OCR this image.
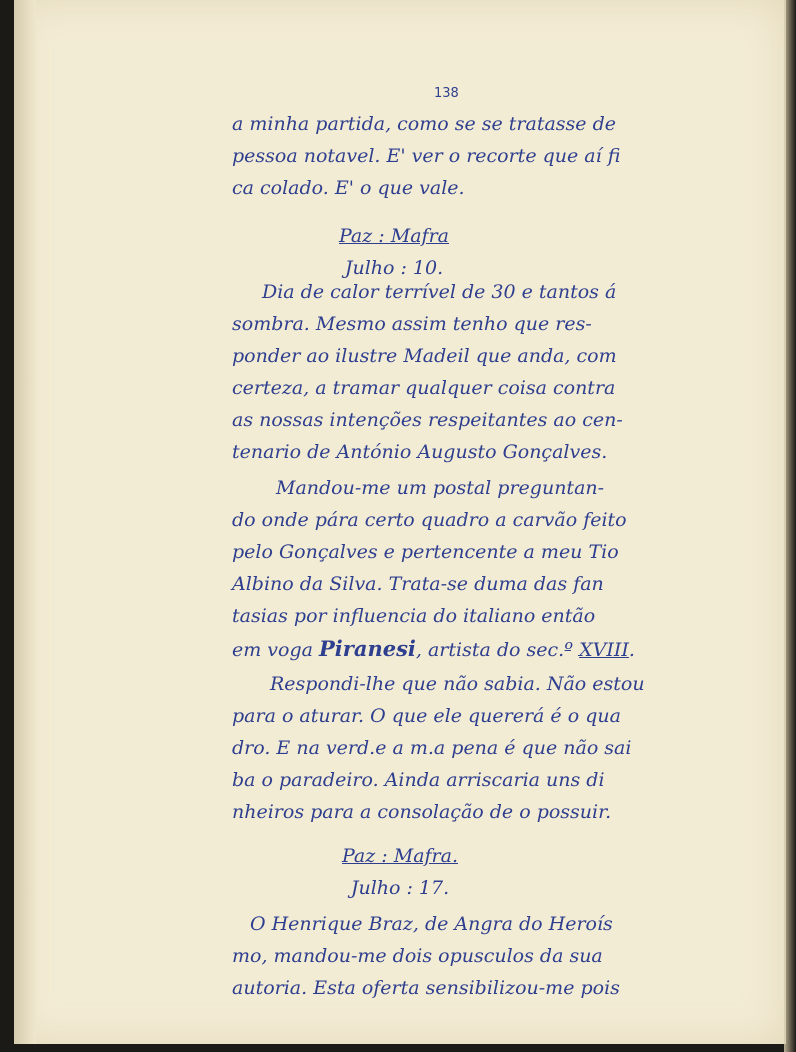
138
a minha partida, como se se tratasse de
pessoa notavel. E' ver o recorte que aí fi
ca colado. E' o que vale.
Paz : Mafra
Julho : 10.
Dia de calor terrível de 30 e tantos á
sombra. Mesmo assim tenho que res-
ponder ao ilustre Madeil que anda, com
certeza, a tramar qualquer coisa contra
as nossas intenções respeitantes ao cen-
tenario de António Augusto Gonçalves.
Mandou-me um postal preguntan-
do onde pára certo quadro a carvão feito
pelo Gonçalves e pertencente a meu Tio
Albino da Silva. Trata-se duma das fan
tasias por influencia do italiano então
em voga Piranesi, artista do sec.º XVIII.
Respondi-lhe que não sabia. Não estou
para o aturar. O que ele quererá é o qua
dro. E na verd.e a m.a pena é que não sai
ba o paradeiro. Ainda arriscaria uns di
nheiros para a consolação de o possuir.
Paz : Mafra.
Julho : 17.
O Henrique Braz, de Angra do Heroís
mo, mandou-me dois opusculos da sua
autoria. Esta oferta sensibilizou-me pois
